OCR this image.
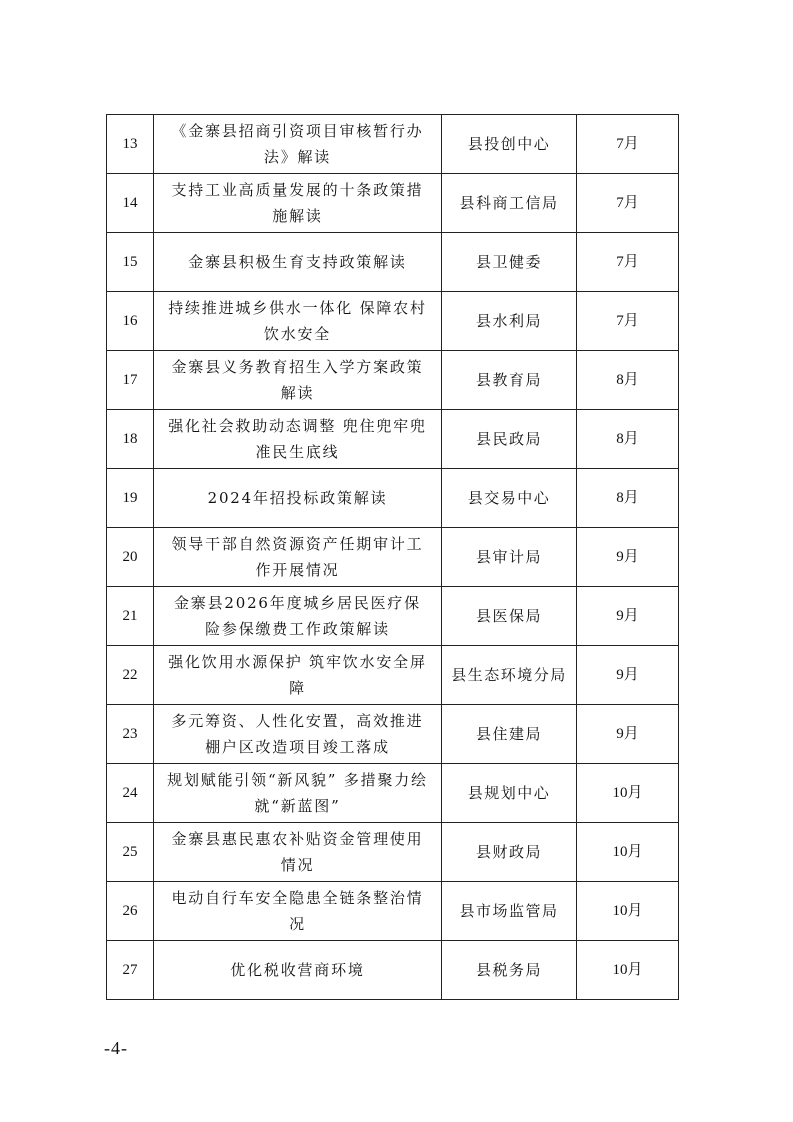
13	《金寨县招商引资项目审核暂行办法》解读	县投创中心	7月
14	支持工业高质量发展的十条政策措施解读	县科商工信局	7月
15	金寨县积极生育支持政策解读	县卫健委	7月
16	持续推进城乡供水一体化 保障农村饮水安全	县水利局	7月
17	金寨县义务教育招生入学方案政策解读	县教育局	8月
18	强化社会救助动态调整 兜住兜牢兜准民生底线	县民政局	8月
19	2024年招投标政策解读	县交易中心	8月
20	领导干部自然资源资产任期审计工作开展情况	县审计局	9月
21	金寨县2026年度城乡居民医疗保险参保缴费工作政策解读	县医保局	9月
22	强化饮用水源保护 筑牢饮水安全屏障	县生态环境分局	9月
23	多元筹资、人性化安置，高效推进棚户区改造项目竣工落成	县住建局	9月
24	规划赋能引领“新风貌” 多措聚力绘就“新蓝图”	县规划中心	10月
25	金寨县惠民惠农补贴资金管理使用情况	县财政局	10月
26	电动自行车安全隐患全链条整治情况	县市场监管局	10月
27	优化税收营商环境	县税务局	10月
-4-
